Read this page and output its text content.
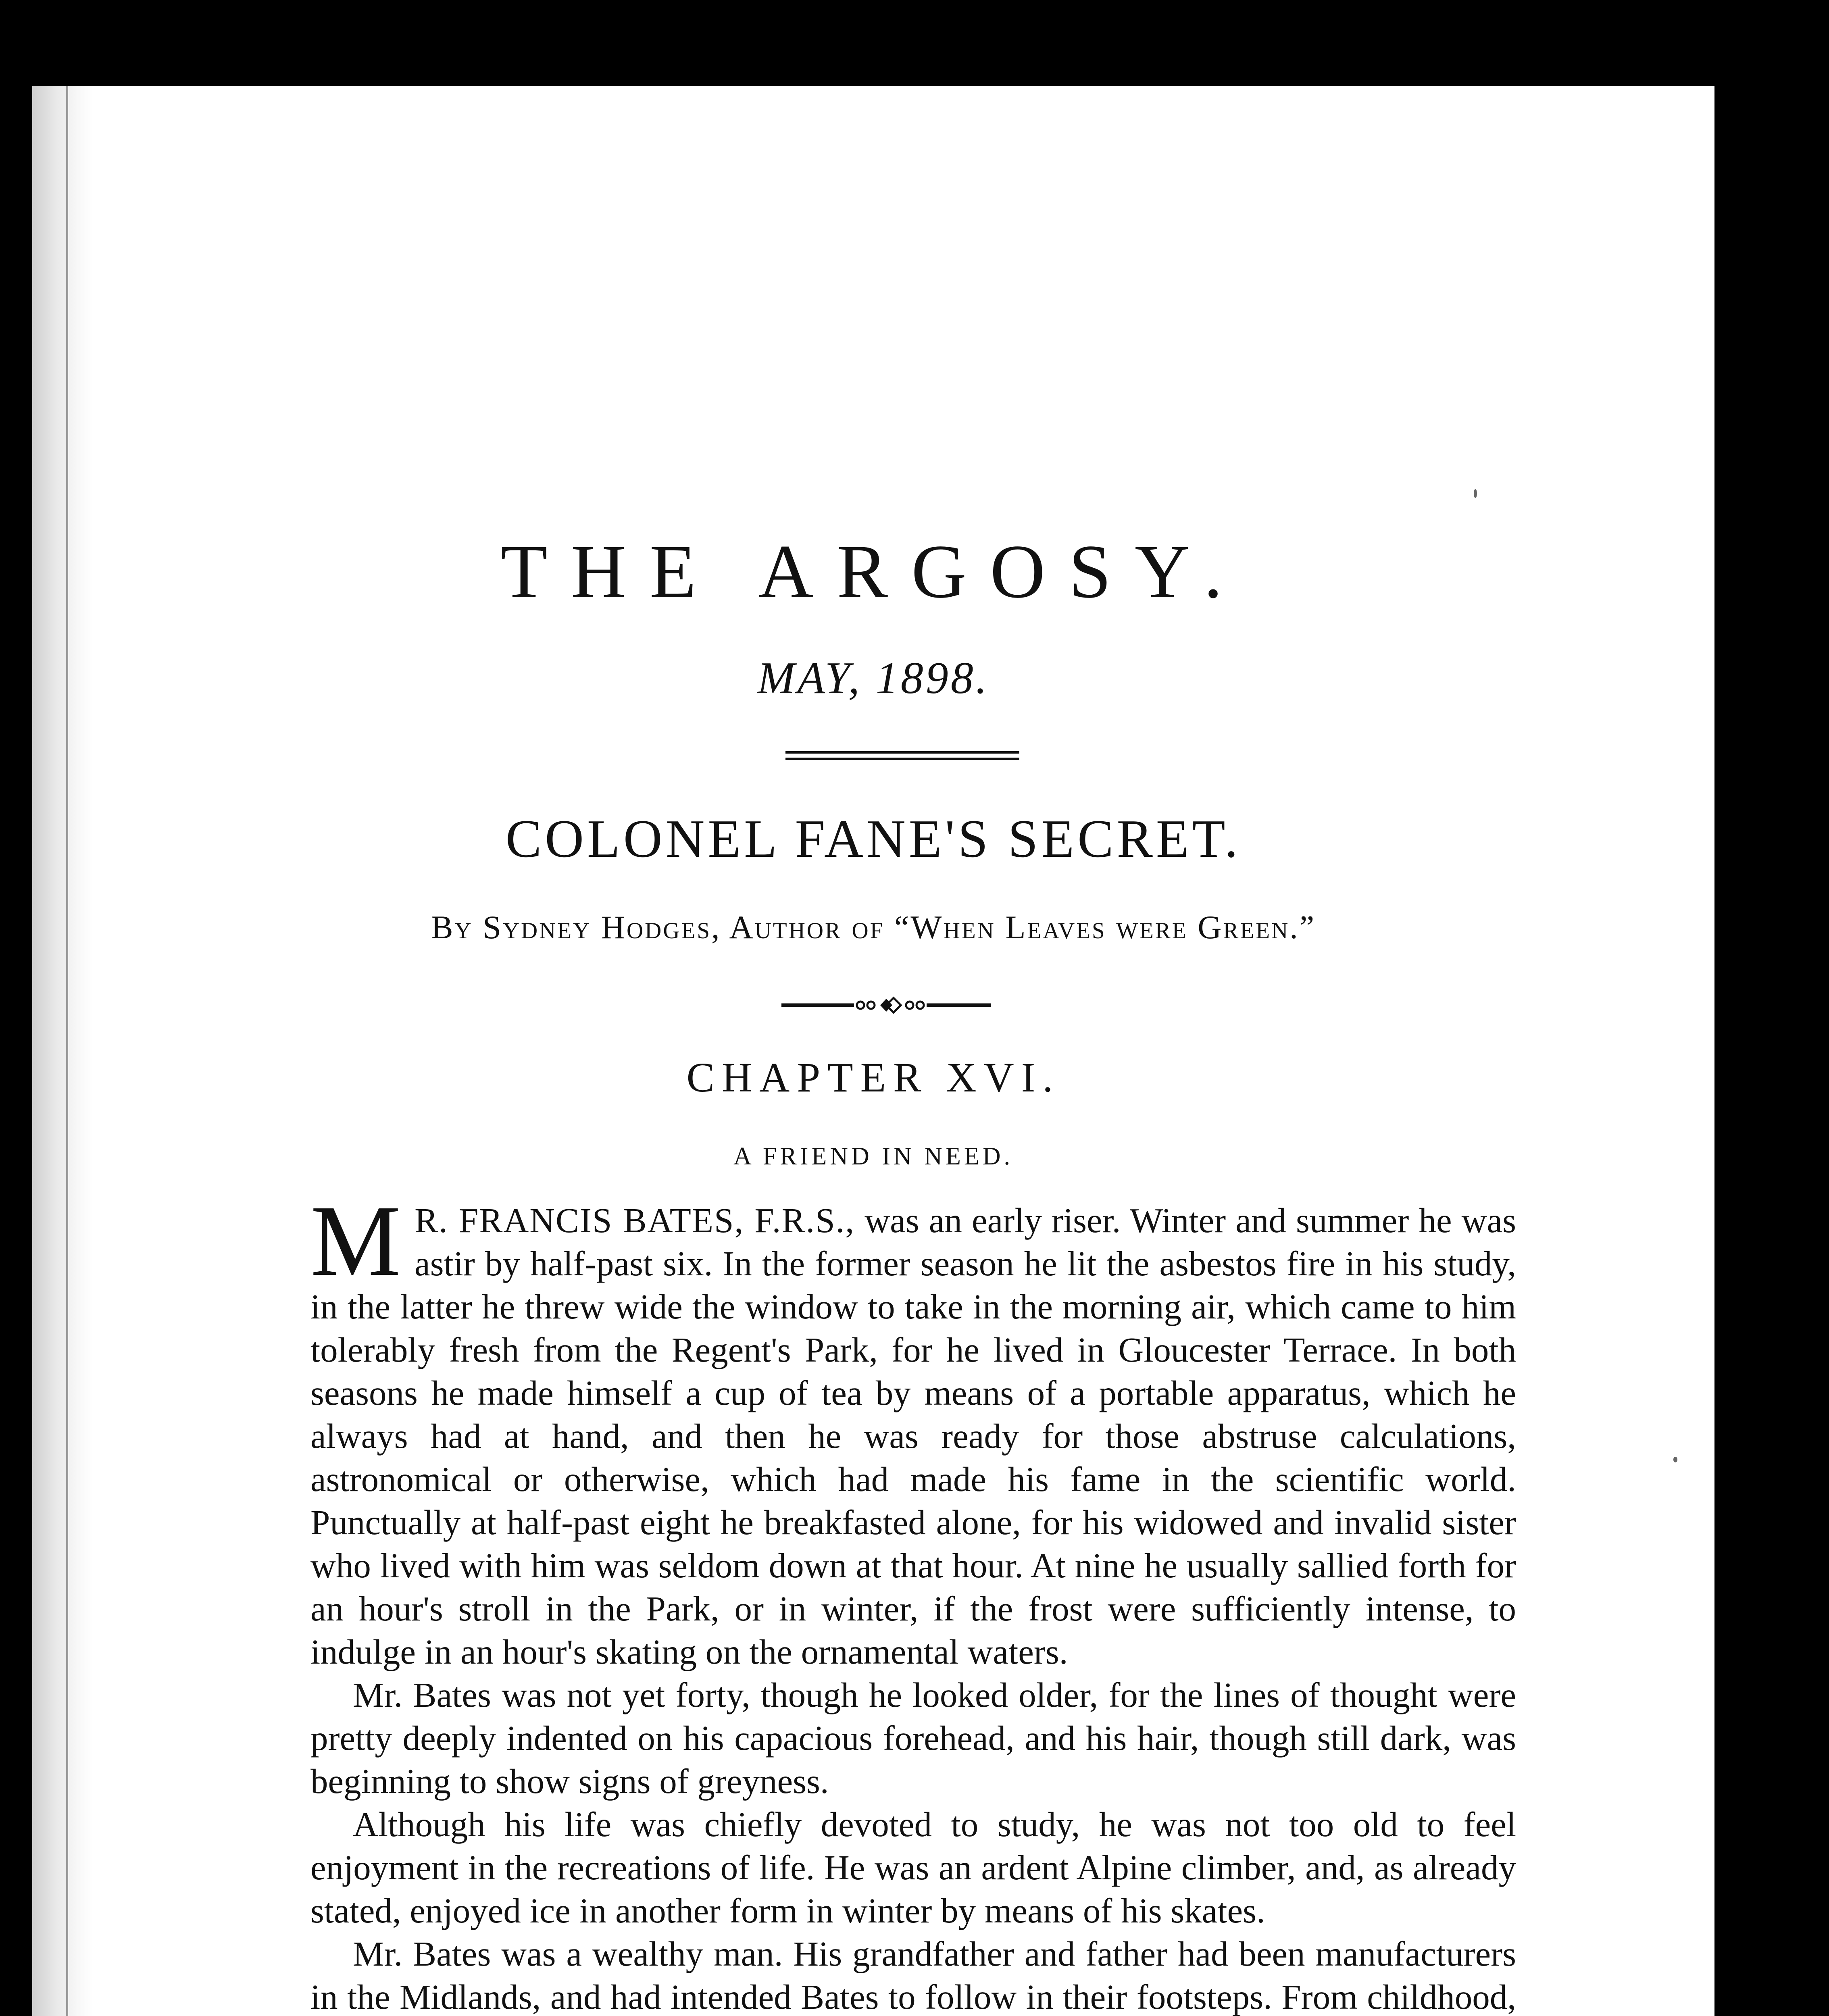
THE ARGOSY.
MAY, 1898.
COLONEL FANE'S SECRET.
By Sydney Hodges, Author of “When Leaves were Green.”
CHAPTER XVI.
A FRIEND IN NEED.

M R. FRANCIS BATES, F.R.S., was an early riser. Winter and summer he was astir by half-past six. In the former season he lit the asbestos fire in his study, in the latter he threw wide the window to take in the morning air, which came to him tolerably fresh from the Regent's Park, for he lived in Gloucester Terrace. In both seasons he made himself a cup of tea by means of a portable apparatus, which he always had at hand, and then he was ready for those abstruse calculations, astronomical or otherwise, which had made his fame in the scientific world. Punctually at half-past eight he breakfasted alone, for his widowed and invalid sister who lived with him was seldom down at that hour. At nine he usually sallied forth for an hour's stroll in the Park, or in winter, if the frost were sufficiently intense, to indulge in an hour's skating on the ornamental waters.

Mr. Bates was not yet forty, though he looked older, for the lines of thought were pretty deeply indented on his capacious forehead, and his hair, though still dark, was beginning to show signs of greyness.

Although his life was chiefly devoted to study, he was not too old to feel enjoyment in the recreations of life. He was an ardent Alpine climber, and, as already stated, enjoyed ice in another form in winter by means of his skates.

Mr. Bates was a wealthy man. His grandfather and father had been manufacturers in the Midlands, and had intended Bates to follow in their footsteps. From childhood,
